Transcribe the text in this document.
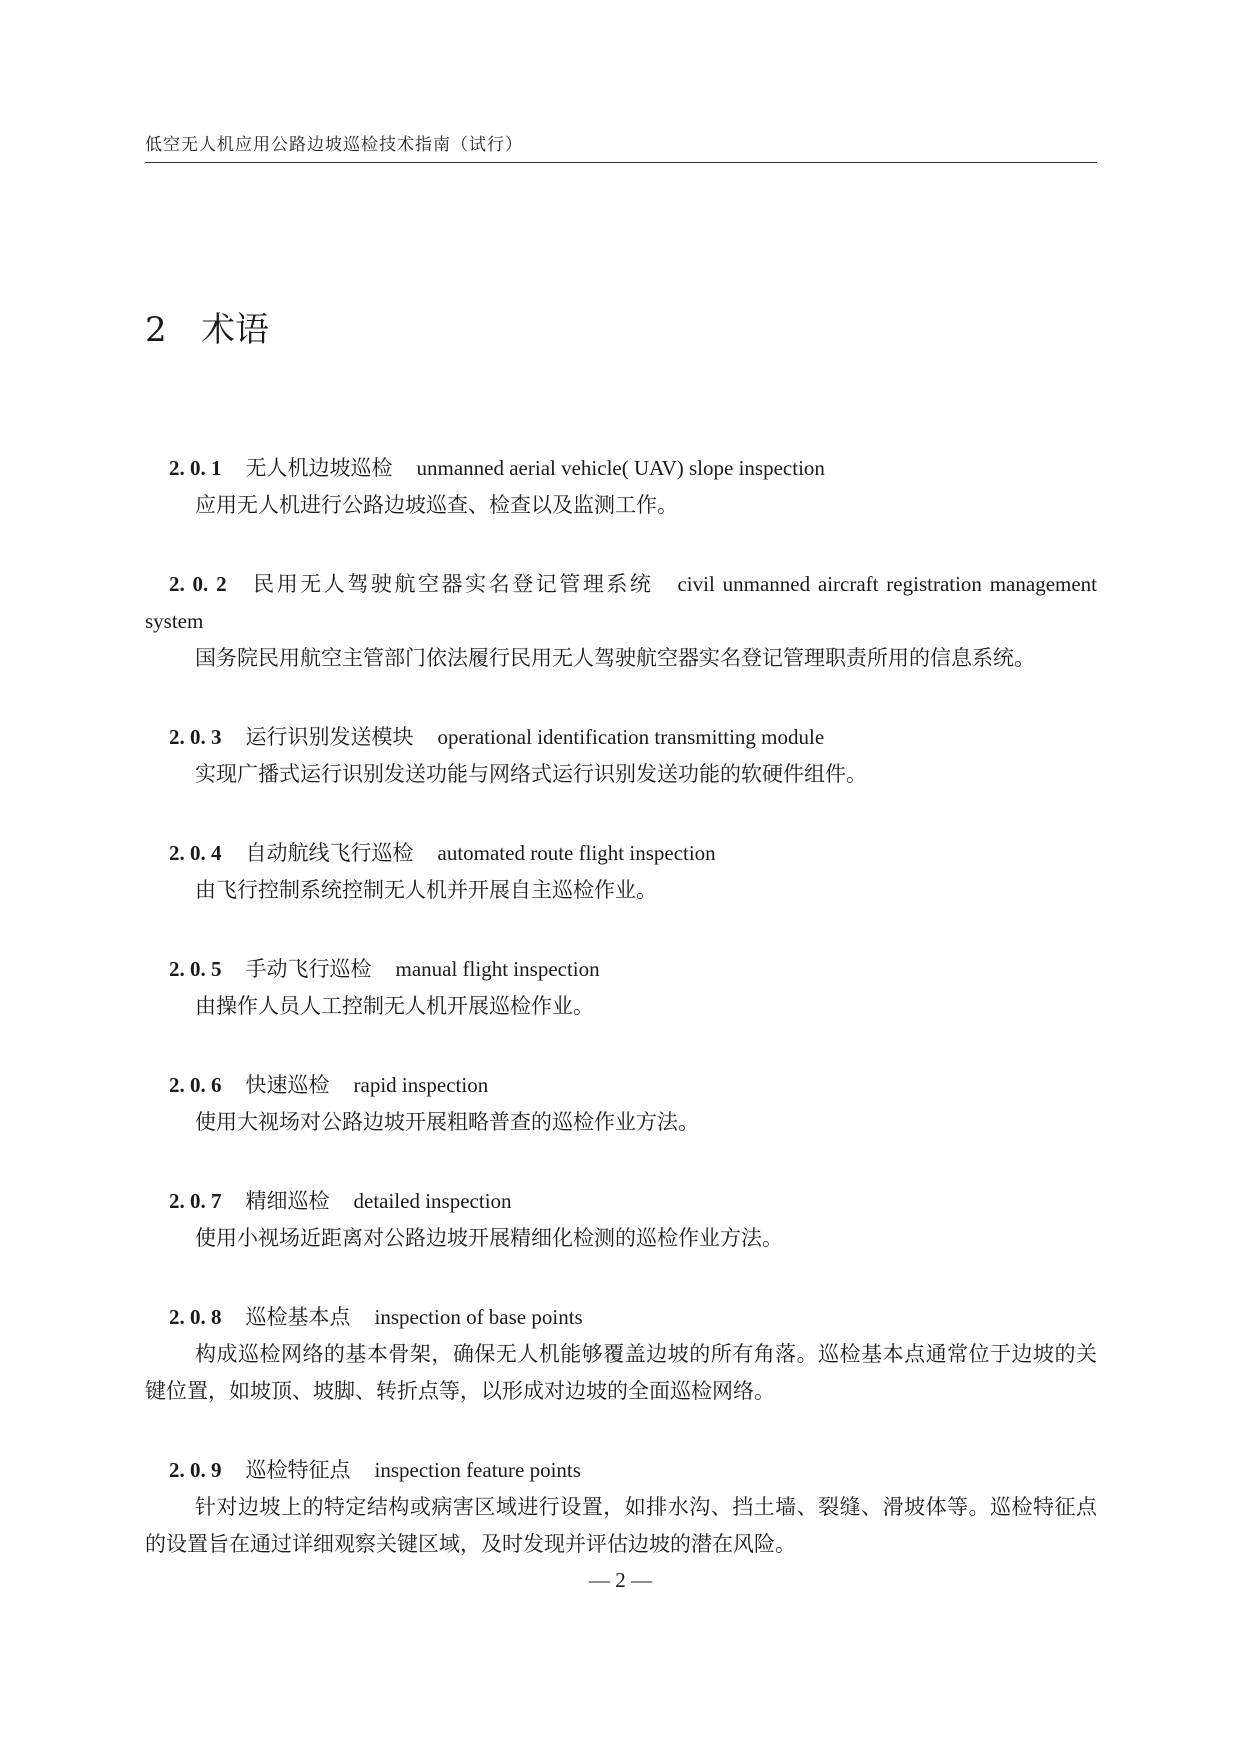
低空无人机应用公路边坡巡检技术指南（试行）
2 术语

2. 0. 1 无人机边坡巡检 unmanned aerial vehicle( UAV) slope inspection

应用无人机进行公路边坡巡查、检查以及监测工作。

2. 0. 2 民用无人驾驶航空器实名登记管理系统 civil unmanned aircraft registration management system

国务院民用航空主管部门依法履行民用无人驾驶航空器实名登记管理职责所用的信息系统。

2. 0. 3 运行识别发送模块 operational identification transmitting module

实现广播式运行识别发送功能与网络式运行识别发送功能的软硬件组件。

2. 0. 4 自动航线飞行巡检 automated route flight inspection

由飞行控制系统控制无人机并开展自主巡检作业。

2. 0. 5 手动飞行巡检 manual flight inspection

由操作人员人工控制无人机开展巡检作业。

2. 0. 6 快速巡检 rapid inspection

使用大视场对公路边坡开展粗略普查的巡检作业方法。

2. 0. 7 精细巡检 detailed inspection

使用小视场近距离对公路边坡开展精细化检测的巡检作业方法。

2. 0. 8 巡检基本点 inspection of base points

构成巡检网络的基本骨架，确保无人机能够覆盖边坡的所有角落。巡检基本点通常位于边坡的关键位置，如坡顶、坡脚、转折点等，以形成对边坡的全面巡检网络。

2. 0. 9 巡检特征点 inspection feature points

针对边坡上的特定结构或病害区域进行设置，如排水沟、挡土墙、裂缝、滑坡体等。巡检特征点的设置旨在通过详细观察关键区域，及时发现并评估边坡的潜在风险。

— 2 —
